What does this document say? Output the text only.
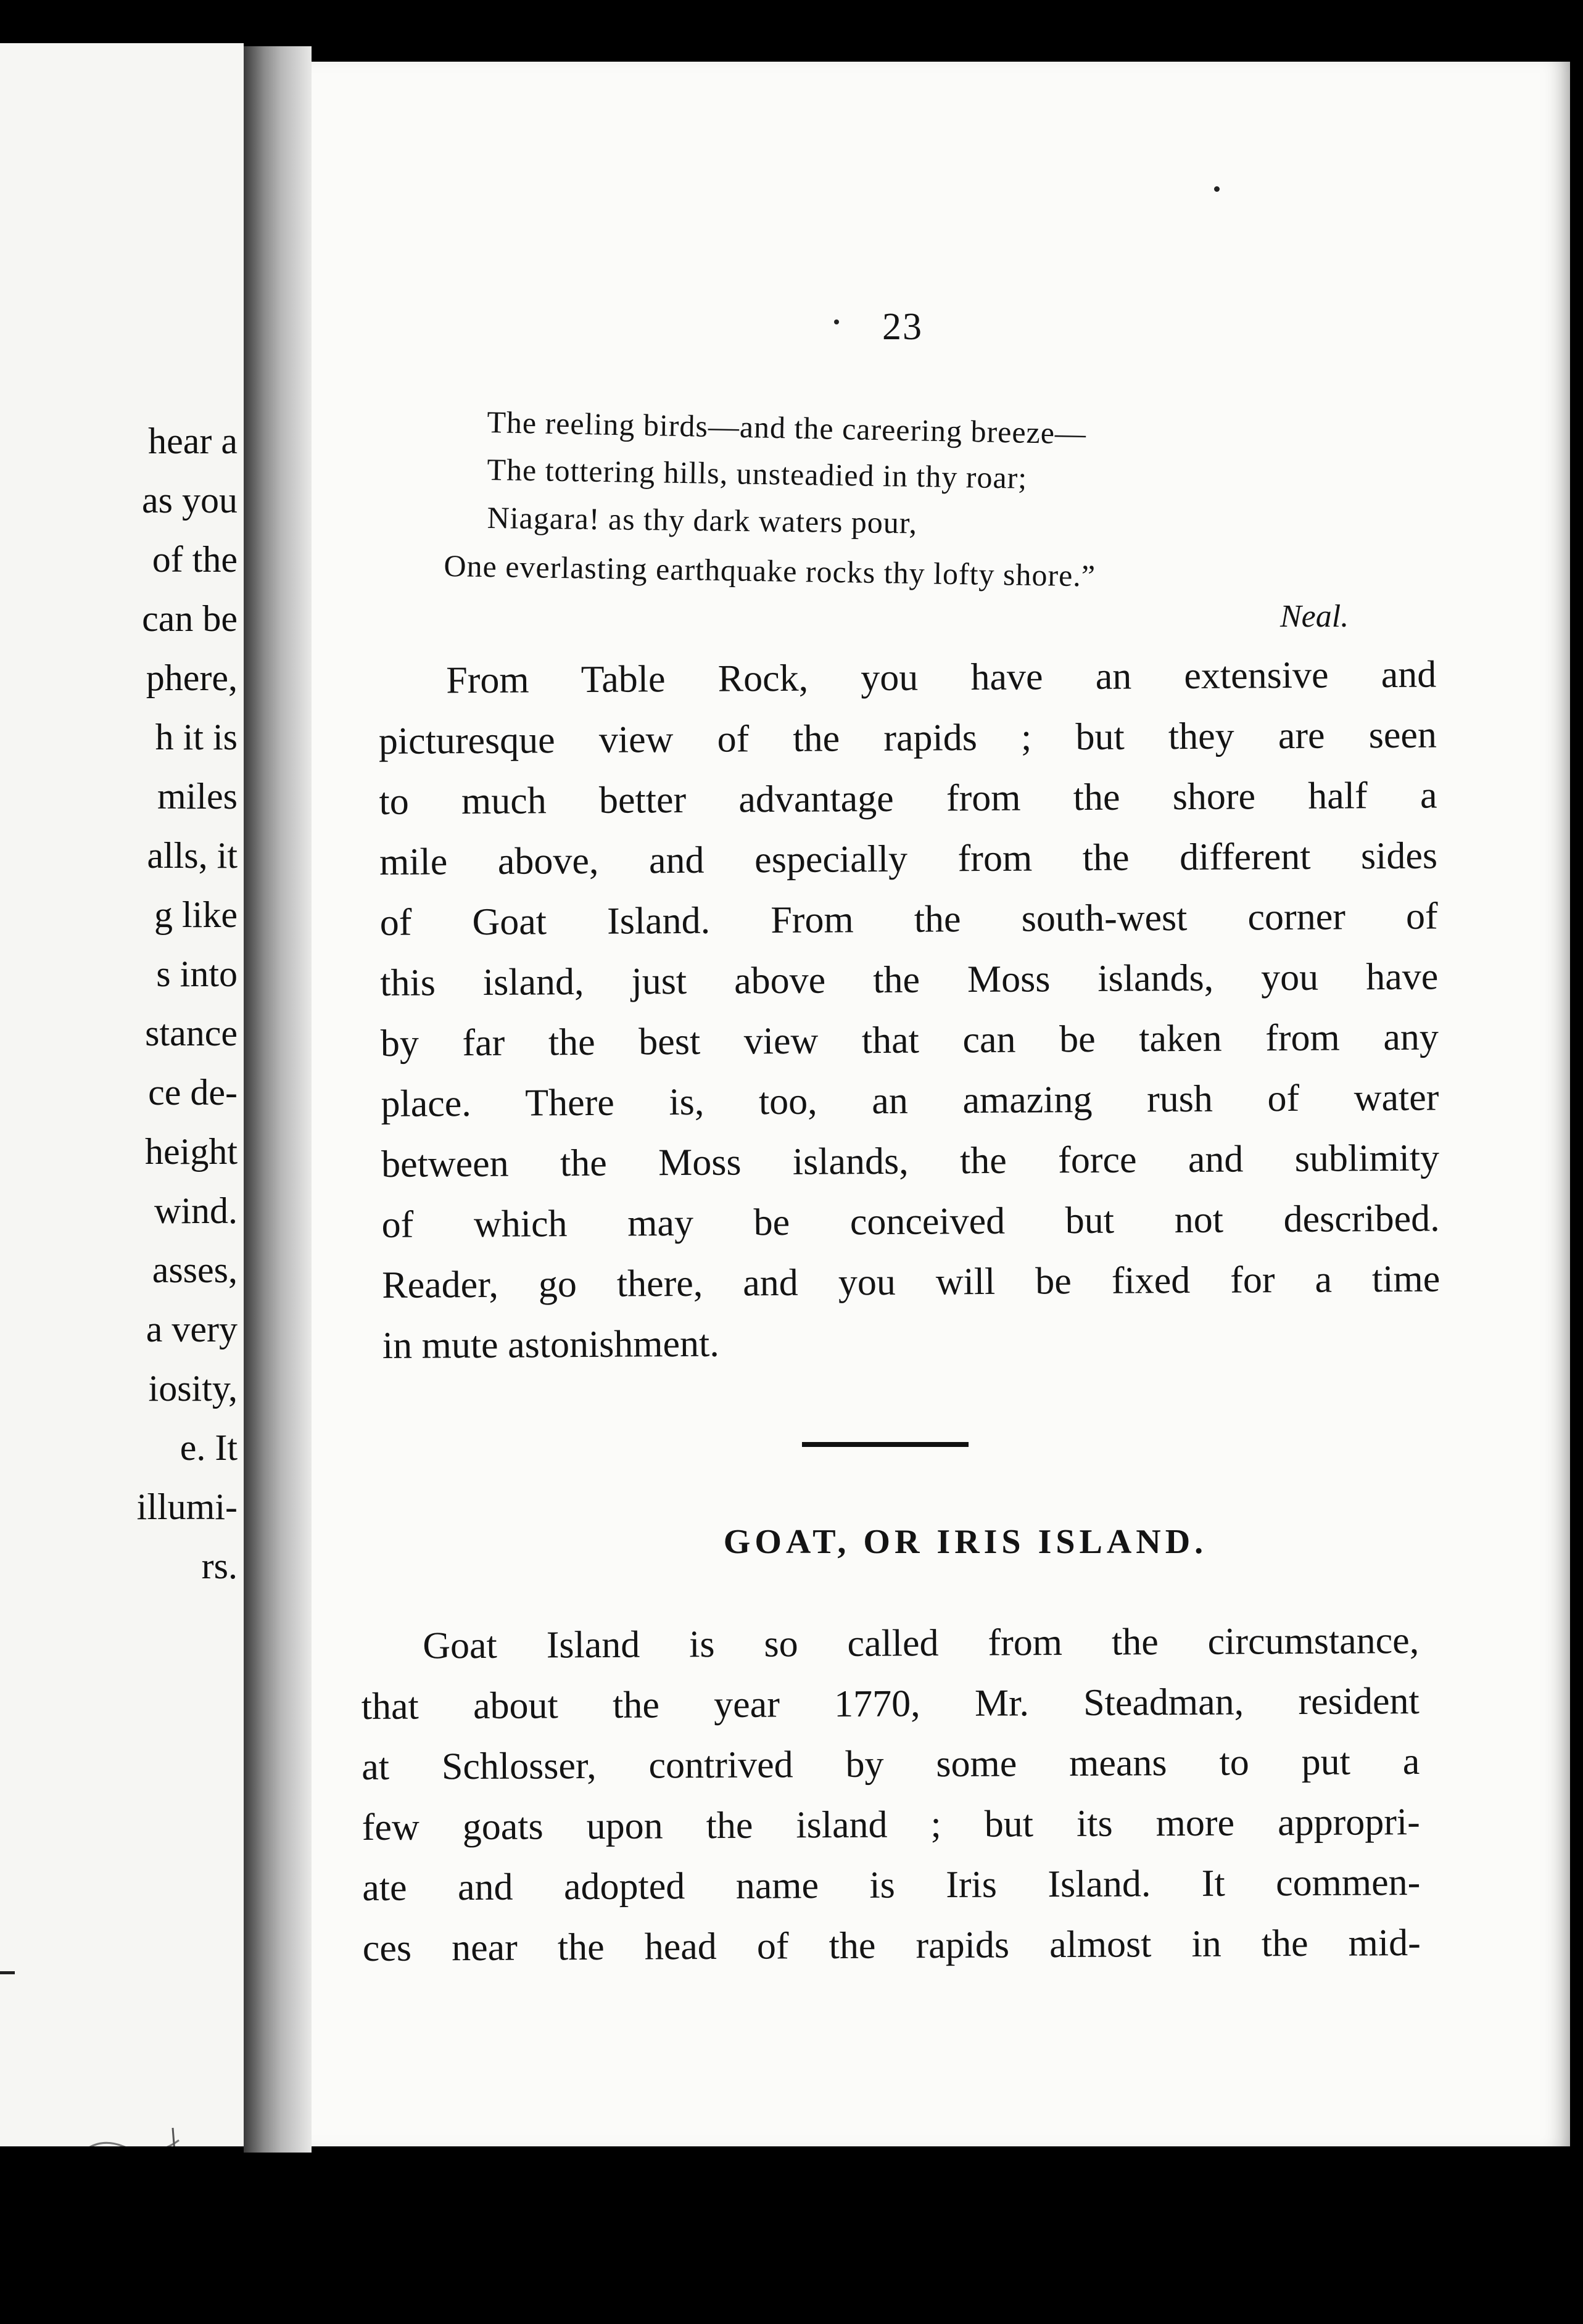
hear a
as you
of the
can be
phere,
h it is
miles
alls, it
g like
s into
stance
ce de-
height
wind.
asses,
a very
iosity,
e. It
illumi-
rs.
23
The reeling birds—and the careering breeze—
The tottering hills, unsteadied in thy roar;
Niagara! as thy dark waters pour,
One everlasting earthquake rocks thy lofty shore.”
Neal.
From Table Rock, you have an extensive and
picturesque view of the rapids ; but they are seen
to much better advantage from the shore half a
mile above, and especially from the different sides
of Goat Island. From the south-west corner of
this island, just above the Moss islands, you have
by far the best view that can be taken from any
place. There is, too, an amazing rush of water
between the Moss islands, the force and sublimity
of which may be conceived but not described.
Reader, go there, and you will be fixed for a time
in mute astonishment.
GOAT, OR IRIS ISLAND.
Goat Island is so called from the circumstance,
that about the year 1770, Mr. Steadman, resident
at Schlosser, contrived by some means to put a
few goats upon the island ; but its more appropri-
ate and adopted name is Iris Island. It commen-
ces near the head of the rapids almost in the mid-
